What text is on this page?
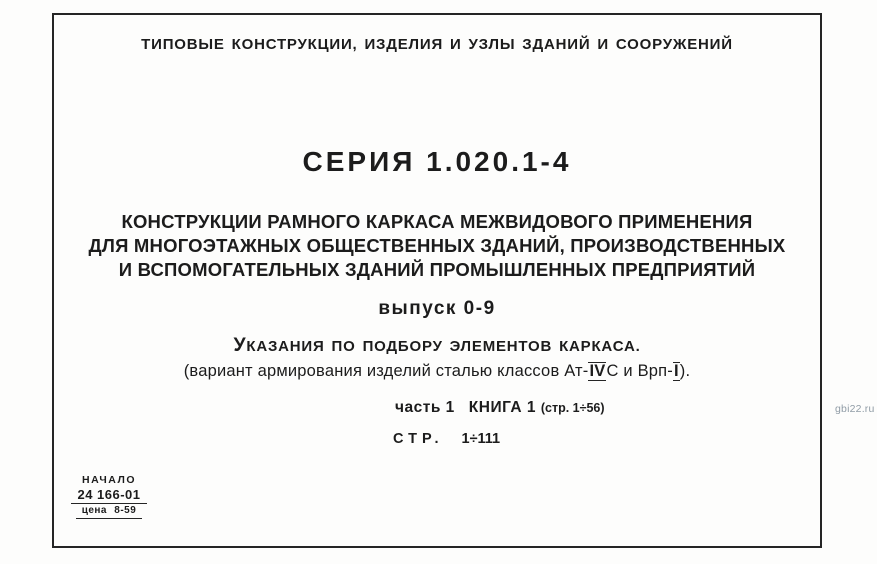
ТИПОВЫЕ КОНСТРУКЦИИ, ИЗДЕЛИЯ И УЗЛЫ ЗДАНИЙ И СООРУЖЕНИЙ
СЕРИЯ 1.020.1-4
КОНСТРУКЦИИ РАМНОГО КАРКАСА МЕЖВИДОВОГО ПРИМЕНЕНИЯ
ДЛЯ МНОГОЭТАЖНЫХ ОБЩЕСТВЕННЫХ ЗДАНИЙ, ПРОИЗВОДСТВЕННЫХ
И ВСПОМОГАТЕЛЬНЫХ ЗДАНИЙ ПРОМЫШЛЕННЫХ ПРЕДПРИЯТИЙ
выпуск 0-9
УКАЗАНИЯ ПО ПОДБОРУ ЭЛЕМЕНТОВ КАРКАСА.
(вариант армирования изделий сталью классов Ат-IVС и Врп-I).
часть 1 КНИГА 1 (стр. 1÷56)
СТР. 1÷111
НАЧАЛО
24 166-01
цена 8-59
gbi22.ru
